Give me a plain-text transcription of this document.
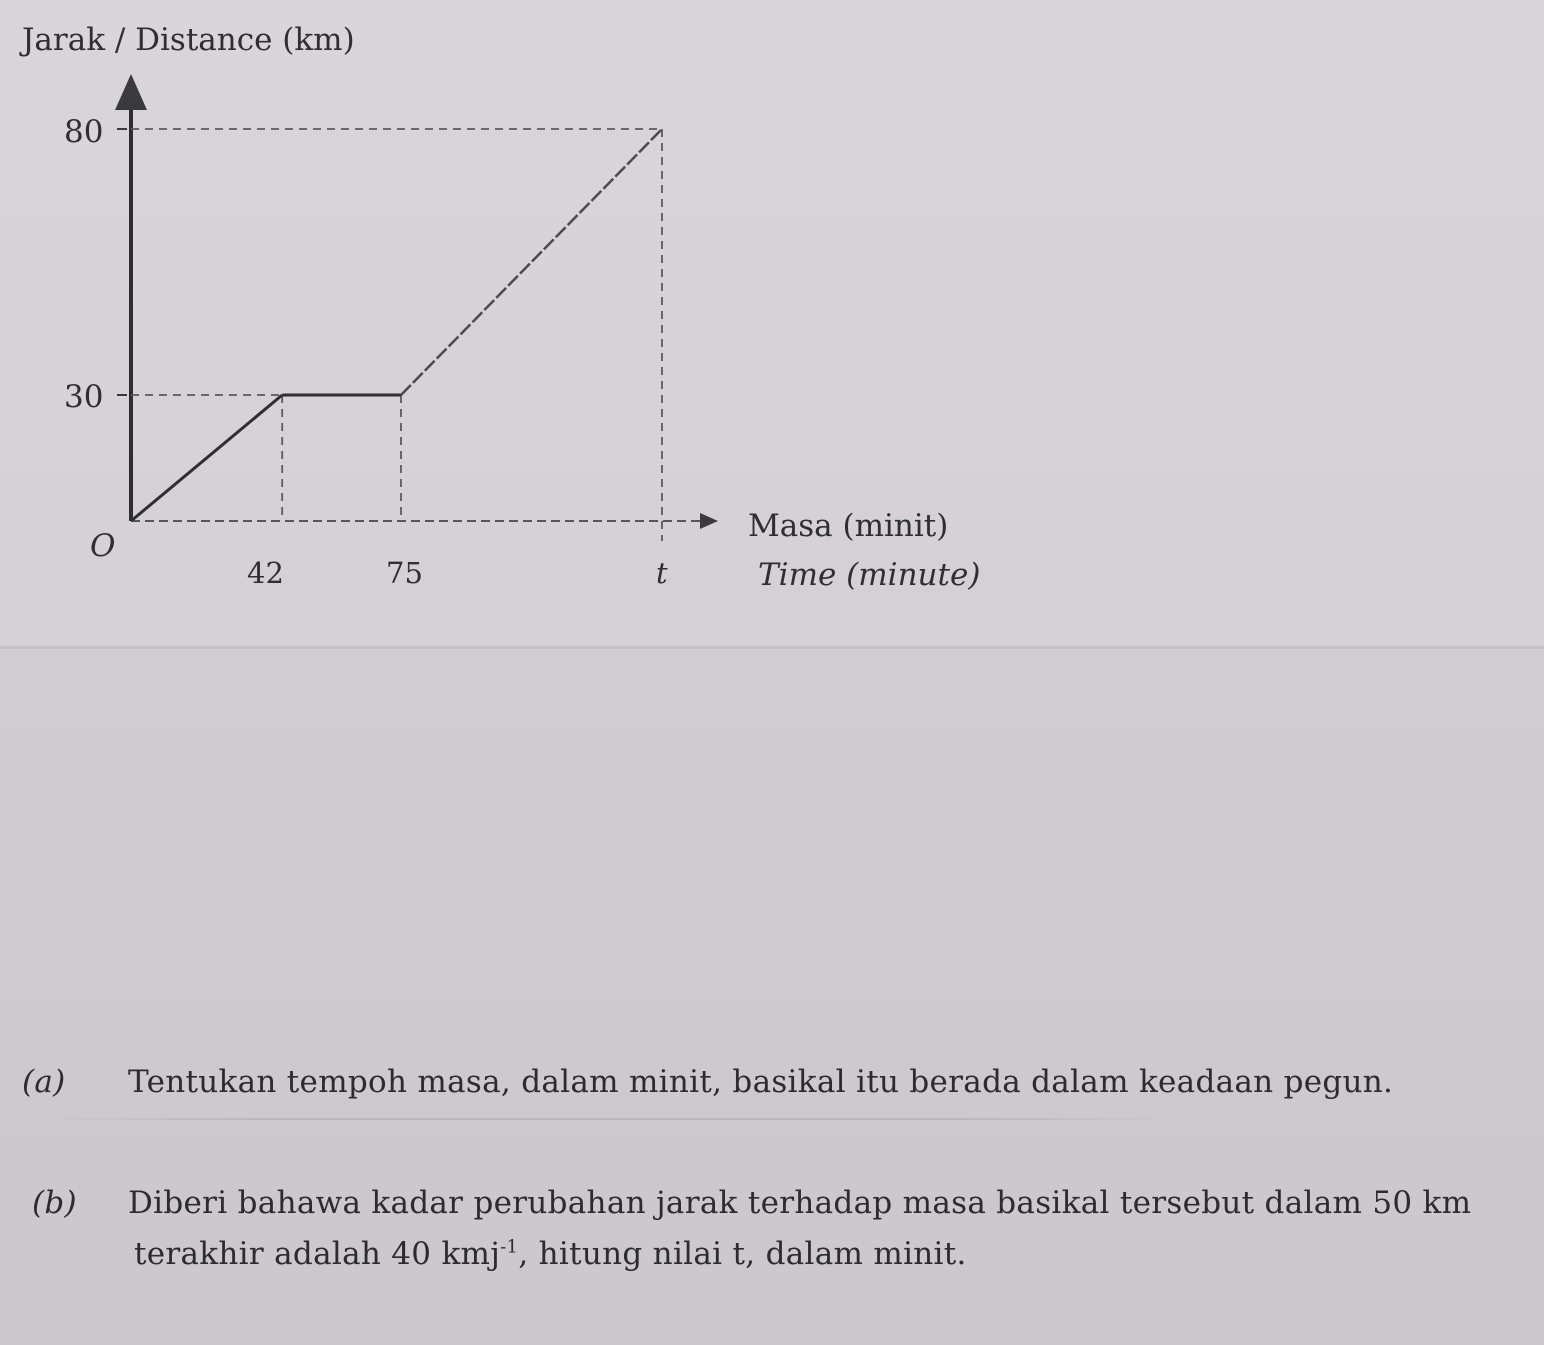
Jarak / Distance (km)
80
30
O
42	75	t
Masa (minit)
Time (minute)
(a) Tentukan tempoh masa, dalam minit, basikal itu berada dalam keadaan pegun.
(b) Diberi bahawa kadar perubahan jarak terhadap masa basikal tersebut dalam 50 km
terakhir adalah 40 kmj$^{-1}$, hitung nilai t, dalam minit.
